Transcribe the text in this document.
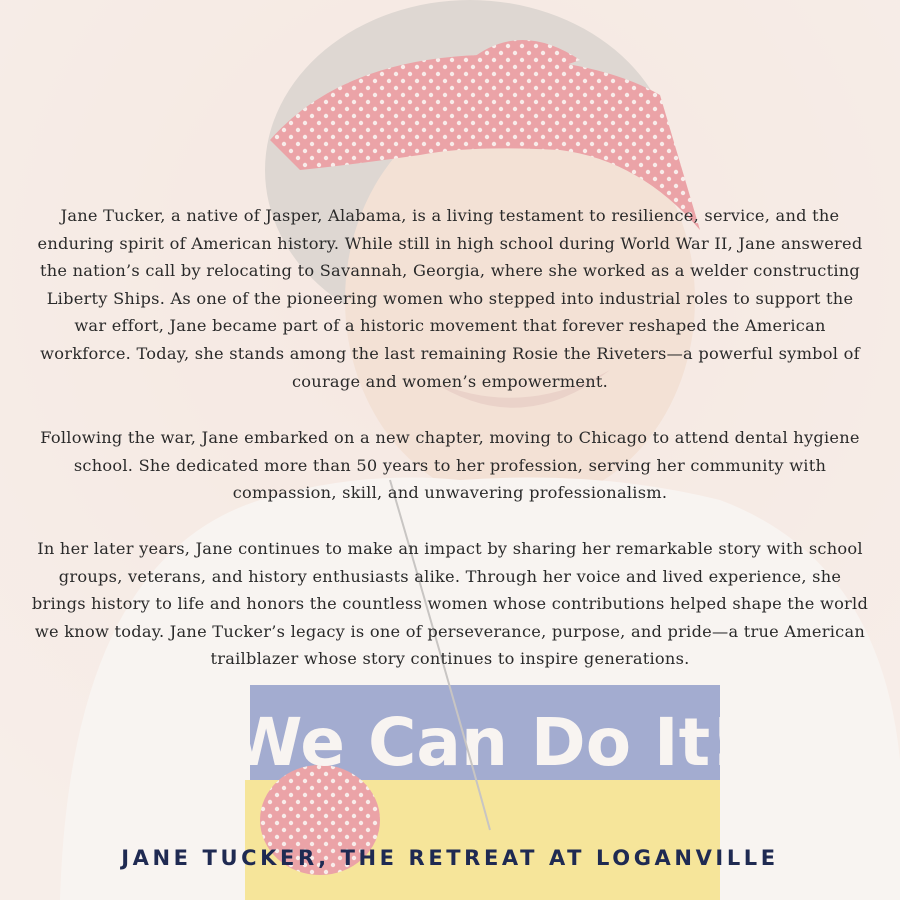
Jane Tucker, a native of Jasper, Alabama, is a living testament to resilience, service, and the enduring spirit of American history. While still in high school during World War II, Jane answered the nation’s call by relocating to Savannah, Georgia, where she worked as a welder constructing Liberty Ships. As one of the pioneering women who stepped into industrial roles to support the war effort, Jane became part of a historic movement that forever reshaped the American workforce. Today, she stands among the last remaining Rosie the Riveters—a powerful symbol of courage and women’s empowerment.

Following the war, Jane embarked on a new chapter, moving to Chicago to attend dental hygiene school. She dedicated more than 50 years to her profession, serving her community with compassion, skill, and unwavering professionalism.

In her later years, Jane continues to make an impact by sharing her remarkable story with school groups, veterans, and history enthusiasts alike. Through her voice and lived experience, she brings history to life and honors the countless women whose contributions helped shape the world we know today. Jane Tucker’s legacy is one of perseverance, purpose, and pride—a true American trailblazer whose story continues to inspire generations.

JANE TUCKER, THE RETREAT AT LOGANVILLE
